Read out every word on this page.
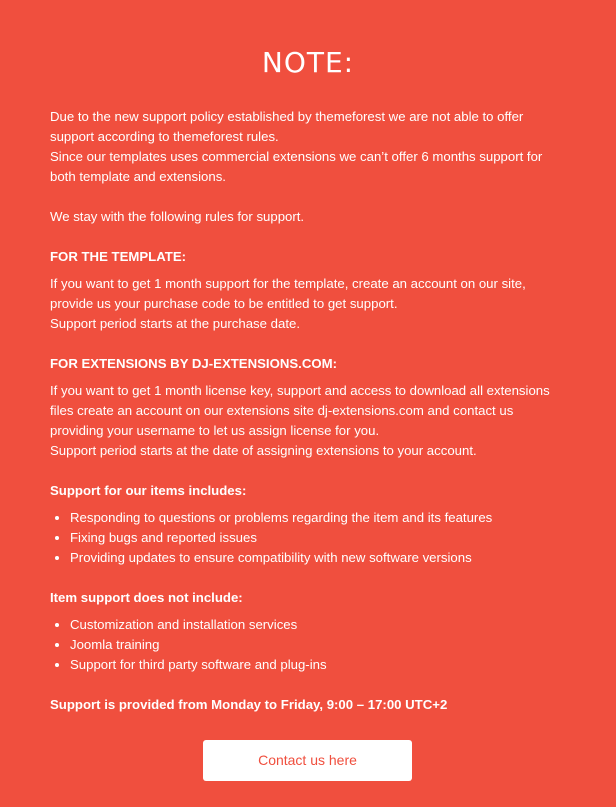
NOTE:

Due to the new support policy established by themeforest we are not able to offer support according to themeforest rules.

Since our templates uses commercial extensions we can’t offer 6 months support for both template and extensions.

We stay with the following rules for support.

FOR THE TEMPLATE:

If you want to get 1 month support for the template, create an account on our site, provide us your purchase code to be entitled to get support.

Support period starts at the purchase date.

FOR EXTENSIONS BY DJ-EXTENSIONS.COM:

If you want to get 1 month license key, support and access to download all extensions files create an account on our extensions site dj-extensions.com and contact us providing your username to let us assign license for you.

Support period starts at the date of assigning extensions to your account.

Support for our items includes:

Responding to questions or problems regarding the item and its features
Fixing bugs and reported issues
Providing updates to ensure compatibility with new software versions

Item support does not include:

Customization and installation services
Joomla training
Support for third party software and plug-ins

Support is provided from Monday to Friday, 9:00 – 17:00 UTC+2

Contact us here
